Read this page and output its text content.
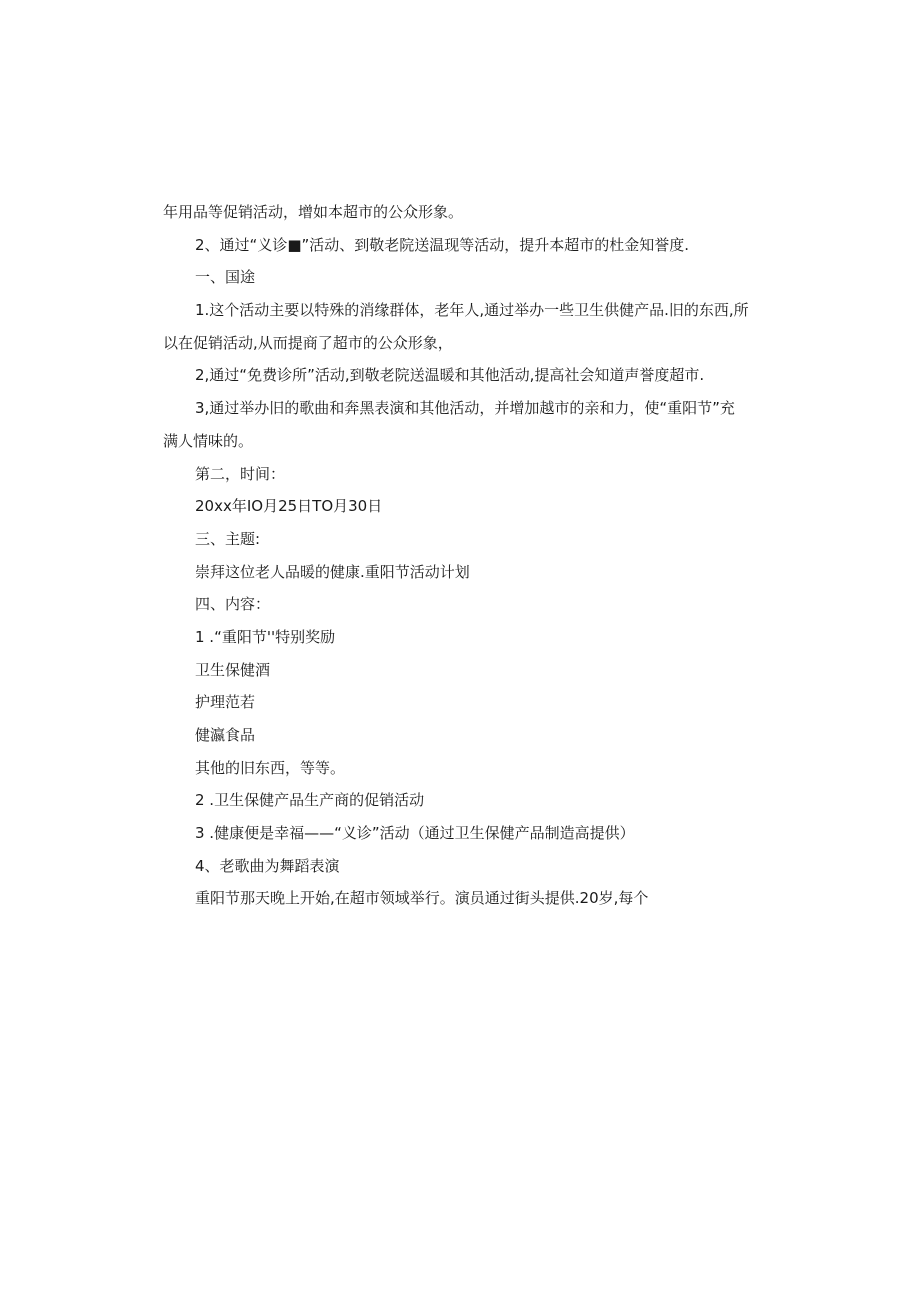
年用品等促销活动，增如本超市的公众形象。
2、通过“义诊■”活动、到敬老院送温现等活动，提升本超市的杜金知誉度.
一、国途
1.这个活动主要以特殊的消缘群体，老年人,通过举办一些卫生供健产品.旧的东西,所
以在促销活动,从而提商了超市的公众形象，
2,通过“免费诊所”活动,到敬老院送温暖和其他活动,提高社会知道声誉度超市.
3,通过举办旧的歌曲和奔黑表演和其他活动，并增加越市的亲和力，使“重阳节”充
满人情味的。
第二，时间：
20xx年IO月25日TO月30日
三、主题:
崇拜这位老人品暖的健康.重阳节活动计划
四、内容：
1 .“重阳节''特别奖励
卫生保健酒
护理范若
健瀛食品
其他的旧东西，等等。
2 .卫生保健产品生产商的促销活动
3 .健康便是幸福——“义诊”活动（通过卫生保健产品制造高提供）
4、老歌曲为舞蹈表演
重阳节那天晚上开始,在超市领域举行。演员通过街头提供.20岁,每个
